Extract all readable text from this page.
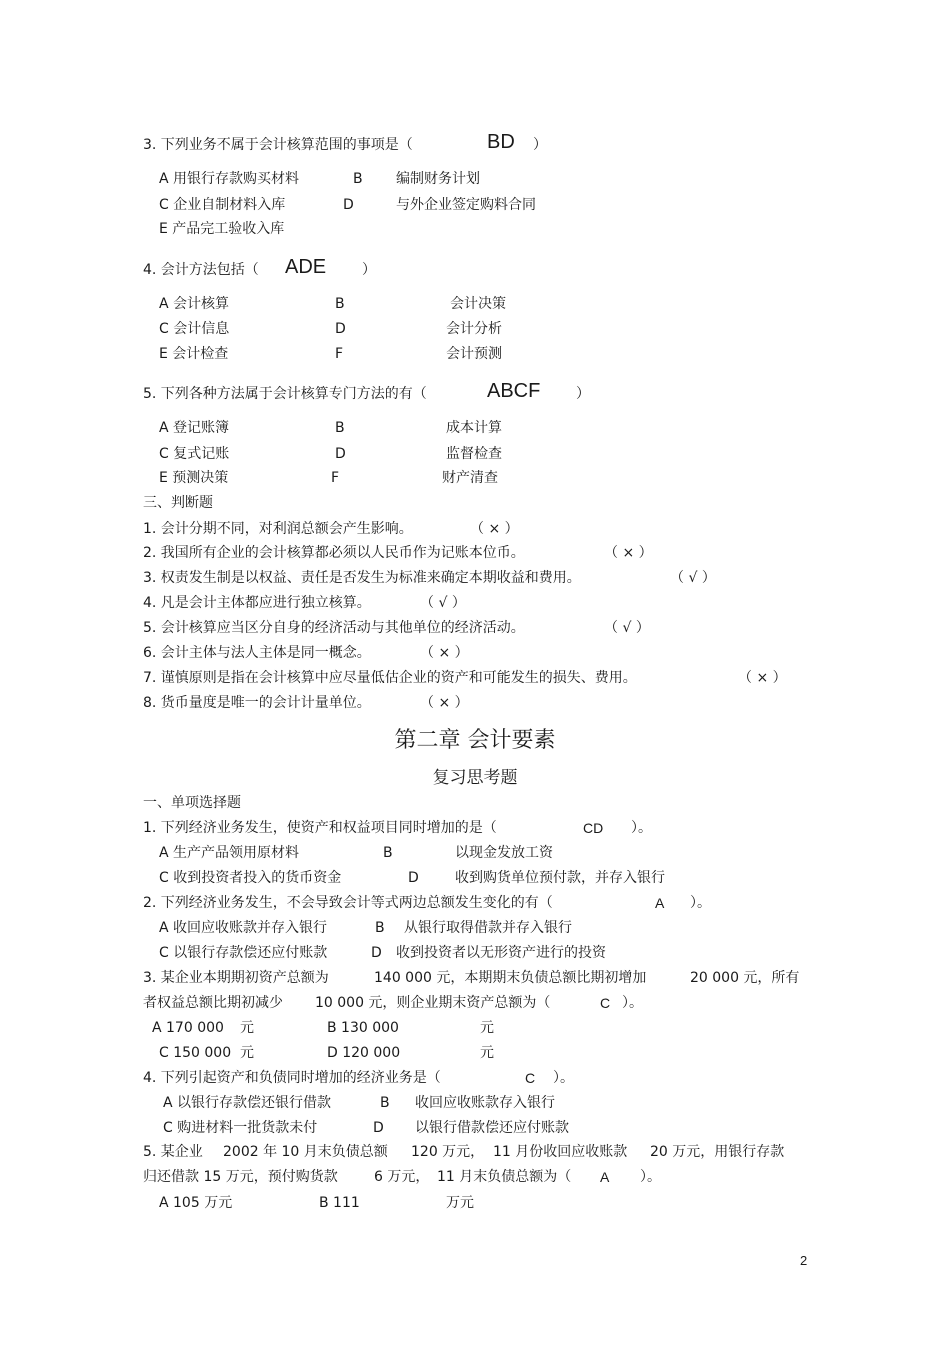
3. 下列业务不属于会计核算范围的事项是（	BD ）
A 用银行存款购买材料	B 编制财务计划
C 企业自制材料入库	D	与外企业签定购料合同
E 产品完工验收入库
4. 会计方法包括（ ADE	）
A 会计核算	B	会计决策
C 会计信息	D	会计分析
E 会计检查	F	会计预测
5. 下列各种方法属于会计核算专门方法的有（	ABCF	）
A 登记账簿	B	成本计算
C 复式记账	D	监督检查
E 预测决策	F	财产清查
三、判断题
1. 会计分期不同，对利润总额会产生影响。	（ × ）
2. 我国所有企业的会计核算都必须以人民币作为记账本位币。	（ × ）
3. 权责发生制是以权益、责任是否发生为标准来确定本期收益和费用。	（ √ ）
4. 凡是会计主体都应进行独立核算。	（ √ ）
5. 会计核算应当区分自身的经济活动与其他单位的经济活动。	（ √ ）
6. 会计主体与法人主体是同一概念。	（ × ）
7. 谨慎原则是指在会计核算中应尽量低估企业的资产和可能发生的损失、费用。	（ × ）
8. 货币量度是唯一的会计计量单位。	（ × ）
第二章 会计要素
复习思考题
一、单项选择题
1. 下列经济业务发生，使资产和权益项目同时增加的是（	CD ）。
A 生产产品领用原材料	B	以现金发放工资
C 收到投资者投入的货币资金	D	收到购货单位预付款，并存入银行
2. 下列经济业务发生，不会导致会计等式两边总额发生变化的有（	A ）。
A 收回应收账款并存入银行	B 从银行取得借款并存入银行
C 以银行存款偿还应付账款	D 收到投资者以无形资产进行的投资
3. 某企业本期期初资产总额为	140 000 元，本期期末负债总额比期初增加	20 000 元，所有
者权益总额比期初减少 10 000 元，则企业期末资产总额为（	C ）。
A 170 000 元	B 130 000	元
C 150 000 元	D 120 000	元
4. 下列引起资产和负债同时增加的经济业务是（	C ）。
A 以银行存款偿还银行借款	B 收回应收账款存入银行
C 购进材料一批货款未付	D 以银行借款偿还应付账款
5. 某企业 2002 年 10 月末负债总额 120 万元， 11 月份收回应收账款 20 万元，用银行存款
归还借款 15 万元，预付购货款	6 万元， 11 月末负债总额为（ A ）。
A 105 万元	B 111	万元
2
